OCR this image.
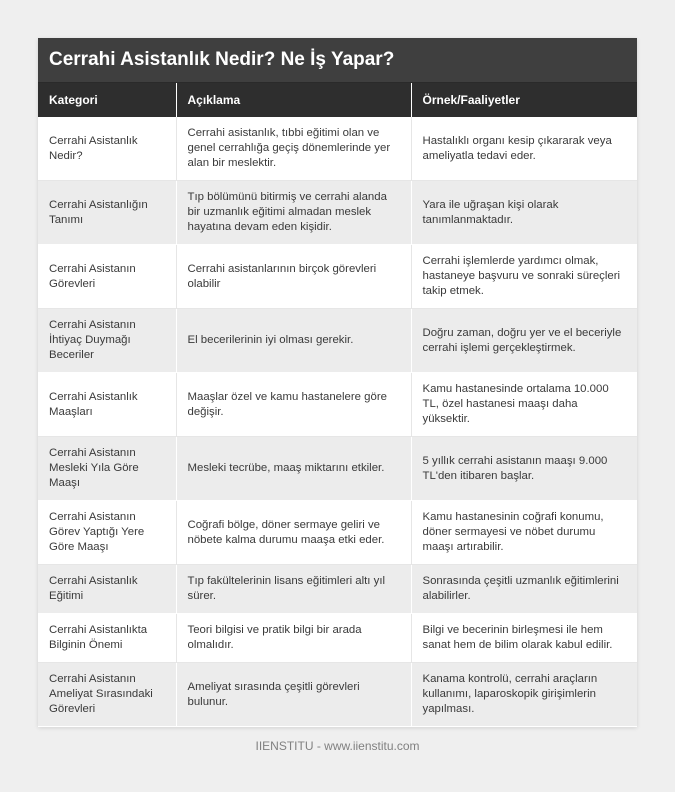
Cerrahi Asistanlık Nedir? Ne İş Yapar?
Kategori	Açıklama	Örnek/Faaliyetler
Cerrahi Asistanlık Nedir?	Cerrahi asistanlık, tıbbi eğitimi olan ve genel cerrahlığa geçiş dönemlerinde yer alan bir meslektir.	Hastalıklı organı kesip çıkararak veya ameliyatla tedavi eder.
Cerrahi Asistanlığın Tanımı	Tıp bölümünü bitirmiş ve cerrahi alanda bir uzmanlık eğitimi almadan meslek hayatına devam eden kişidir.	Yara ile uğraşan kişi olarak tanımlanmaktadır.
Cerrahi Asistanın Görevleri	Cerrahi asistanlarının birçok görevleri olabilir	Cerrahi işlemlerde yardımcı olmak, hastaneye başvuru ve sonraki süreçleri takip etmek.
Cerrahi Asistanın İhtiyaç Duymağı Beceriler	El becerilerinin iyi olması gerekir.	Doğru zaman, doğru yer ve el beceriyle cerrahi işlemi gerçekleştirmek.
Cerrahi Asistanlık Maaşları	Maaşlar özel ve kamu hastanelere göre değişir.	Kamu hastanesinde ortalama 10.000 TL, özel hastanesi maaşı daha yüksektir.
Cerrahi Asistanın Mesleki Yıla Göre Maaşı	Mesleki tecrübe, maaş miktarını etkiler.	5 yıllık cerrahi asistanın maaşı 9.000 TL'den itibaren başlar.
Cerrahi Asistanın Görev Yaptığı Yere Göre Maaşı	Coğrafi bölge, döner sermaye geliri ve nöbete kalma durumu maaşa etki eder.	Kamu hastanesinin coğrafi konumu, döner sermayesi ve nöbet durumu maaşı artırabilir.
Cerrahi Asistanlık Eğitimi	Tıp fakültelerinin lisans eğitimleri altı yıl sürer.	Sonrasında çeşitli uzmanlık eğitimlerini alabilirler.
Cerrahi Asistanlıkta Bilginin Önemi	Teori bilgisi ve pratik bilgi bir arada olmalıdır.	Bilgi ve becerinin birleşmesi ile hem sanat hem de bilim olarak kabul edilir.
Cerrahi Asistanın Ameliyat Sırasındaki Görevleri	Ameliyat sırasında çeşitli görevleri bulunur.	Kanama kontrolü, cerrahi araçların kullanımı, laparoskopik girişimlerin yapılması.
IIENSTITU - www.iienstitu.com
